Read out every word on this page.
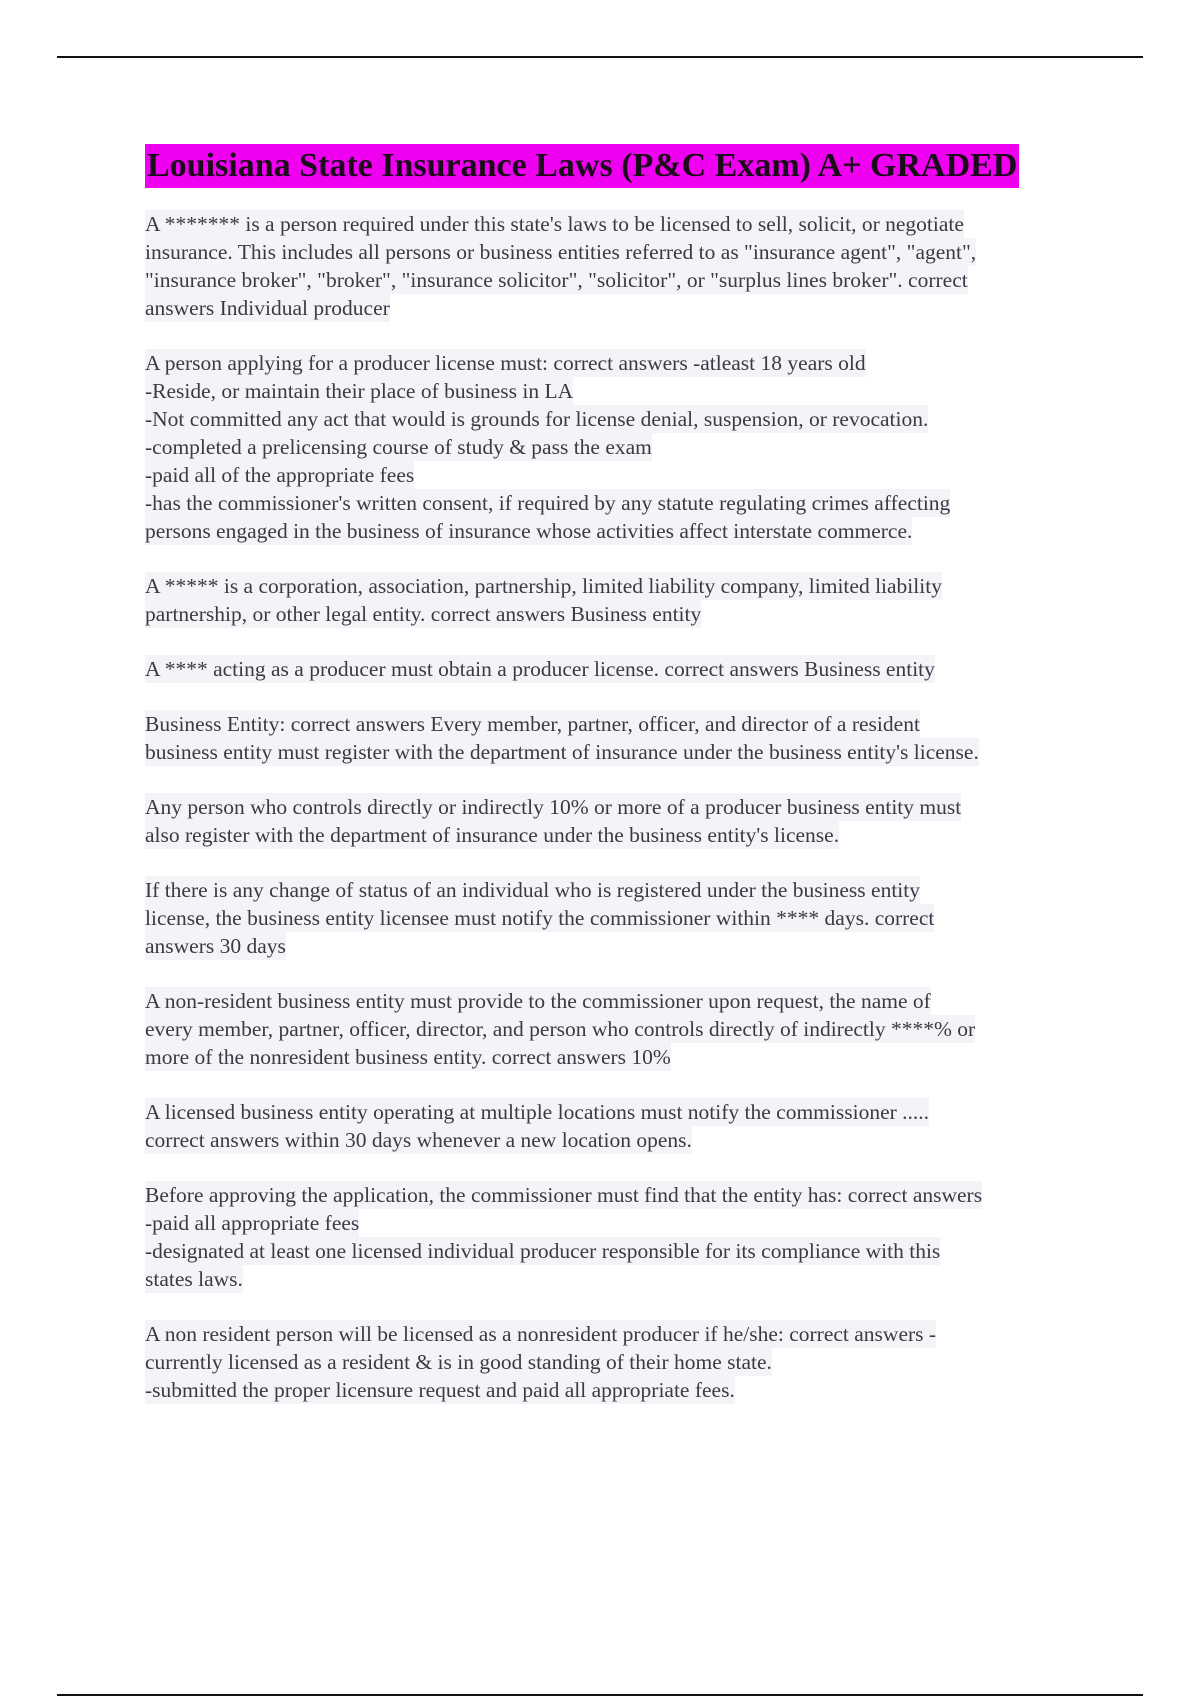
Louisiana State Insurance Laws (P&C Exam) A+ GRADED
A ******* is a person required under this state's laws to be licensed to sell, solicit, or negotiate
insurance. This includes all persons or business entities referred to as "insurance agent", "agent",
"insurance broker", "broker", "insurance solicitor", "solicitor", or "surplus lines broker". correct
answers Individual producer
A person applying for a producer license must: correct answers -atleast 18 years old
-Reside, or maintain their place of business in LA
-Not committed any act that would is grounds for license denial, suspension, or revocation.
-completed a prelicensing course of study & pass the exam
-paid all of the appropriate fees
-has the commissioner's written consent, if required by any statute regulating crimes affecting
persons engaged in the business of insurance whose activities affect interstate commerce.
A ***** is a corporation, association, partnership, limited liability company, limited liability
partnership, or other legal entity. correct answers Business entity
A **** acting as a producer must obtain a producer license. correct answers Business entity
Business Entity: correct answers Every member, partner, officer, and director of a resident
business entity must register with the department of insurance under the business entity's license.
Any person who controls directly or indirectly 10% or more of a producer business entity must
also register with the department of insurance under the business entity's license.
If there is any change of status of an individual who is registered under the business entity
license, the business entity licensee must notify the commissioner within **** days. correct
answers 30 days
A non-resident business entity must provide to the commissioner upon request, the name of
every member, partner, officer, director, and person who controls directly of indirectly ****% or
more of the nonresident business entity. correct answers 10%
A licensed business entity operating at multiple locations must notify the commissioner .....
correct answers within 30 days whenever a new location opens.
Before approving the application, the commissioner must find that the entity has: correct answers
-paid all appropriate fees
-designated at least one licensed individual producer responsible for its compliance with this
states laws.
A non resident person will be licensed as a nonresident producer if he/she: correct answers -
currently licensed as a resident & is in good standing of their home state.
-submitted the proper licensure request and paid all appropriate fees.
